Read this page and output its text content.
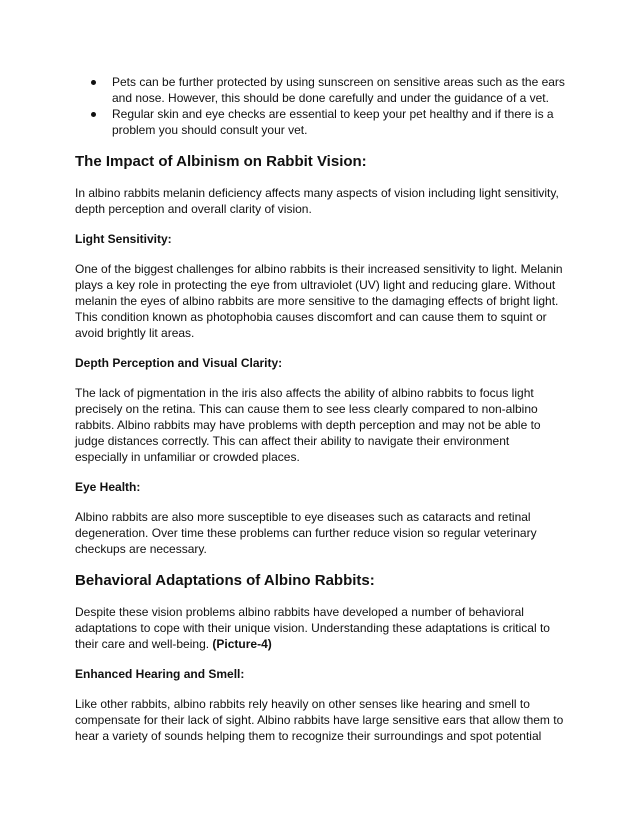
Pets can be further protected by using sunscreen on sensitive areas such as the ears and nose. However, this should be done carefully and under the guidance of a vet.
Regular skin and eye checks are essential to keep your pet healthy and if there is a problem you should consult your vet.
The Impact of Albinism on Rabbit Vision:

In albino rabbits melanin deficiency affects many aspects of vision including light sensitivity, depth perception and overall clarity of vision.

Light Sensitivity:

One of the biggest challenges for albino rabbits is their increased sensitivity to light. Melanin plays a key role in protecting the eye from ultraviolet (UV) light and reducing glare. Without melanin the eyes of albino rabbits are more sensitive to the damaging effects of bright light. This condition known as photophobia causes discomfort and can cause them to squint or avoid brightly lit areas.

Depth Perception and Visual Clarity:

The lack of pigmentation in the iris also affects the ability of albino rabbits to focus light precisely on the retina. This can cause them to see less clearly compared to non-albino rabbits. Albino rabbits may have problems with depth perception and may not be able to judge distances correctly. This can affect their ability to navigate their environment especially in unfamiliar or crowded places.

Eye Health:

Albino rabbits are also more susceptible to eye diseases such as cataracts and retinal degeneration. Over time these problems can further reduce vision so regular veterinary checkups are necessary.

Behavioral Adaptations of Albino Rabbits:

Despite these vision problems albino rabbits have developed a number of behavioral adaptations to cope with their unique vision. Understanding these adaptations is critical to their care and well-being. (Picture-4)

Enhanced Hearing and Smell:

Like other rabbits, albino rabbits rely heavily on other senses like hearing and smell to compensate for their lack of sight. Albino rabbits have large sensitive ears that allow them to hear a variety of sounds helping them to recognize their surroundings and spot potential
